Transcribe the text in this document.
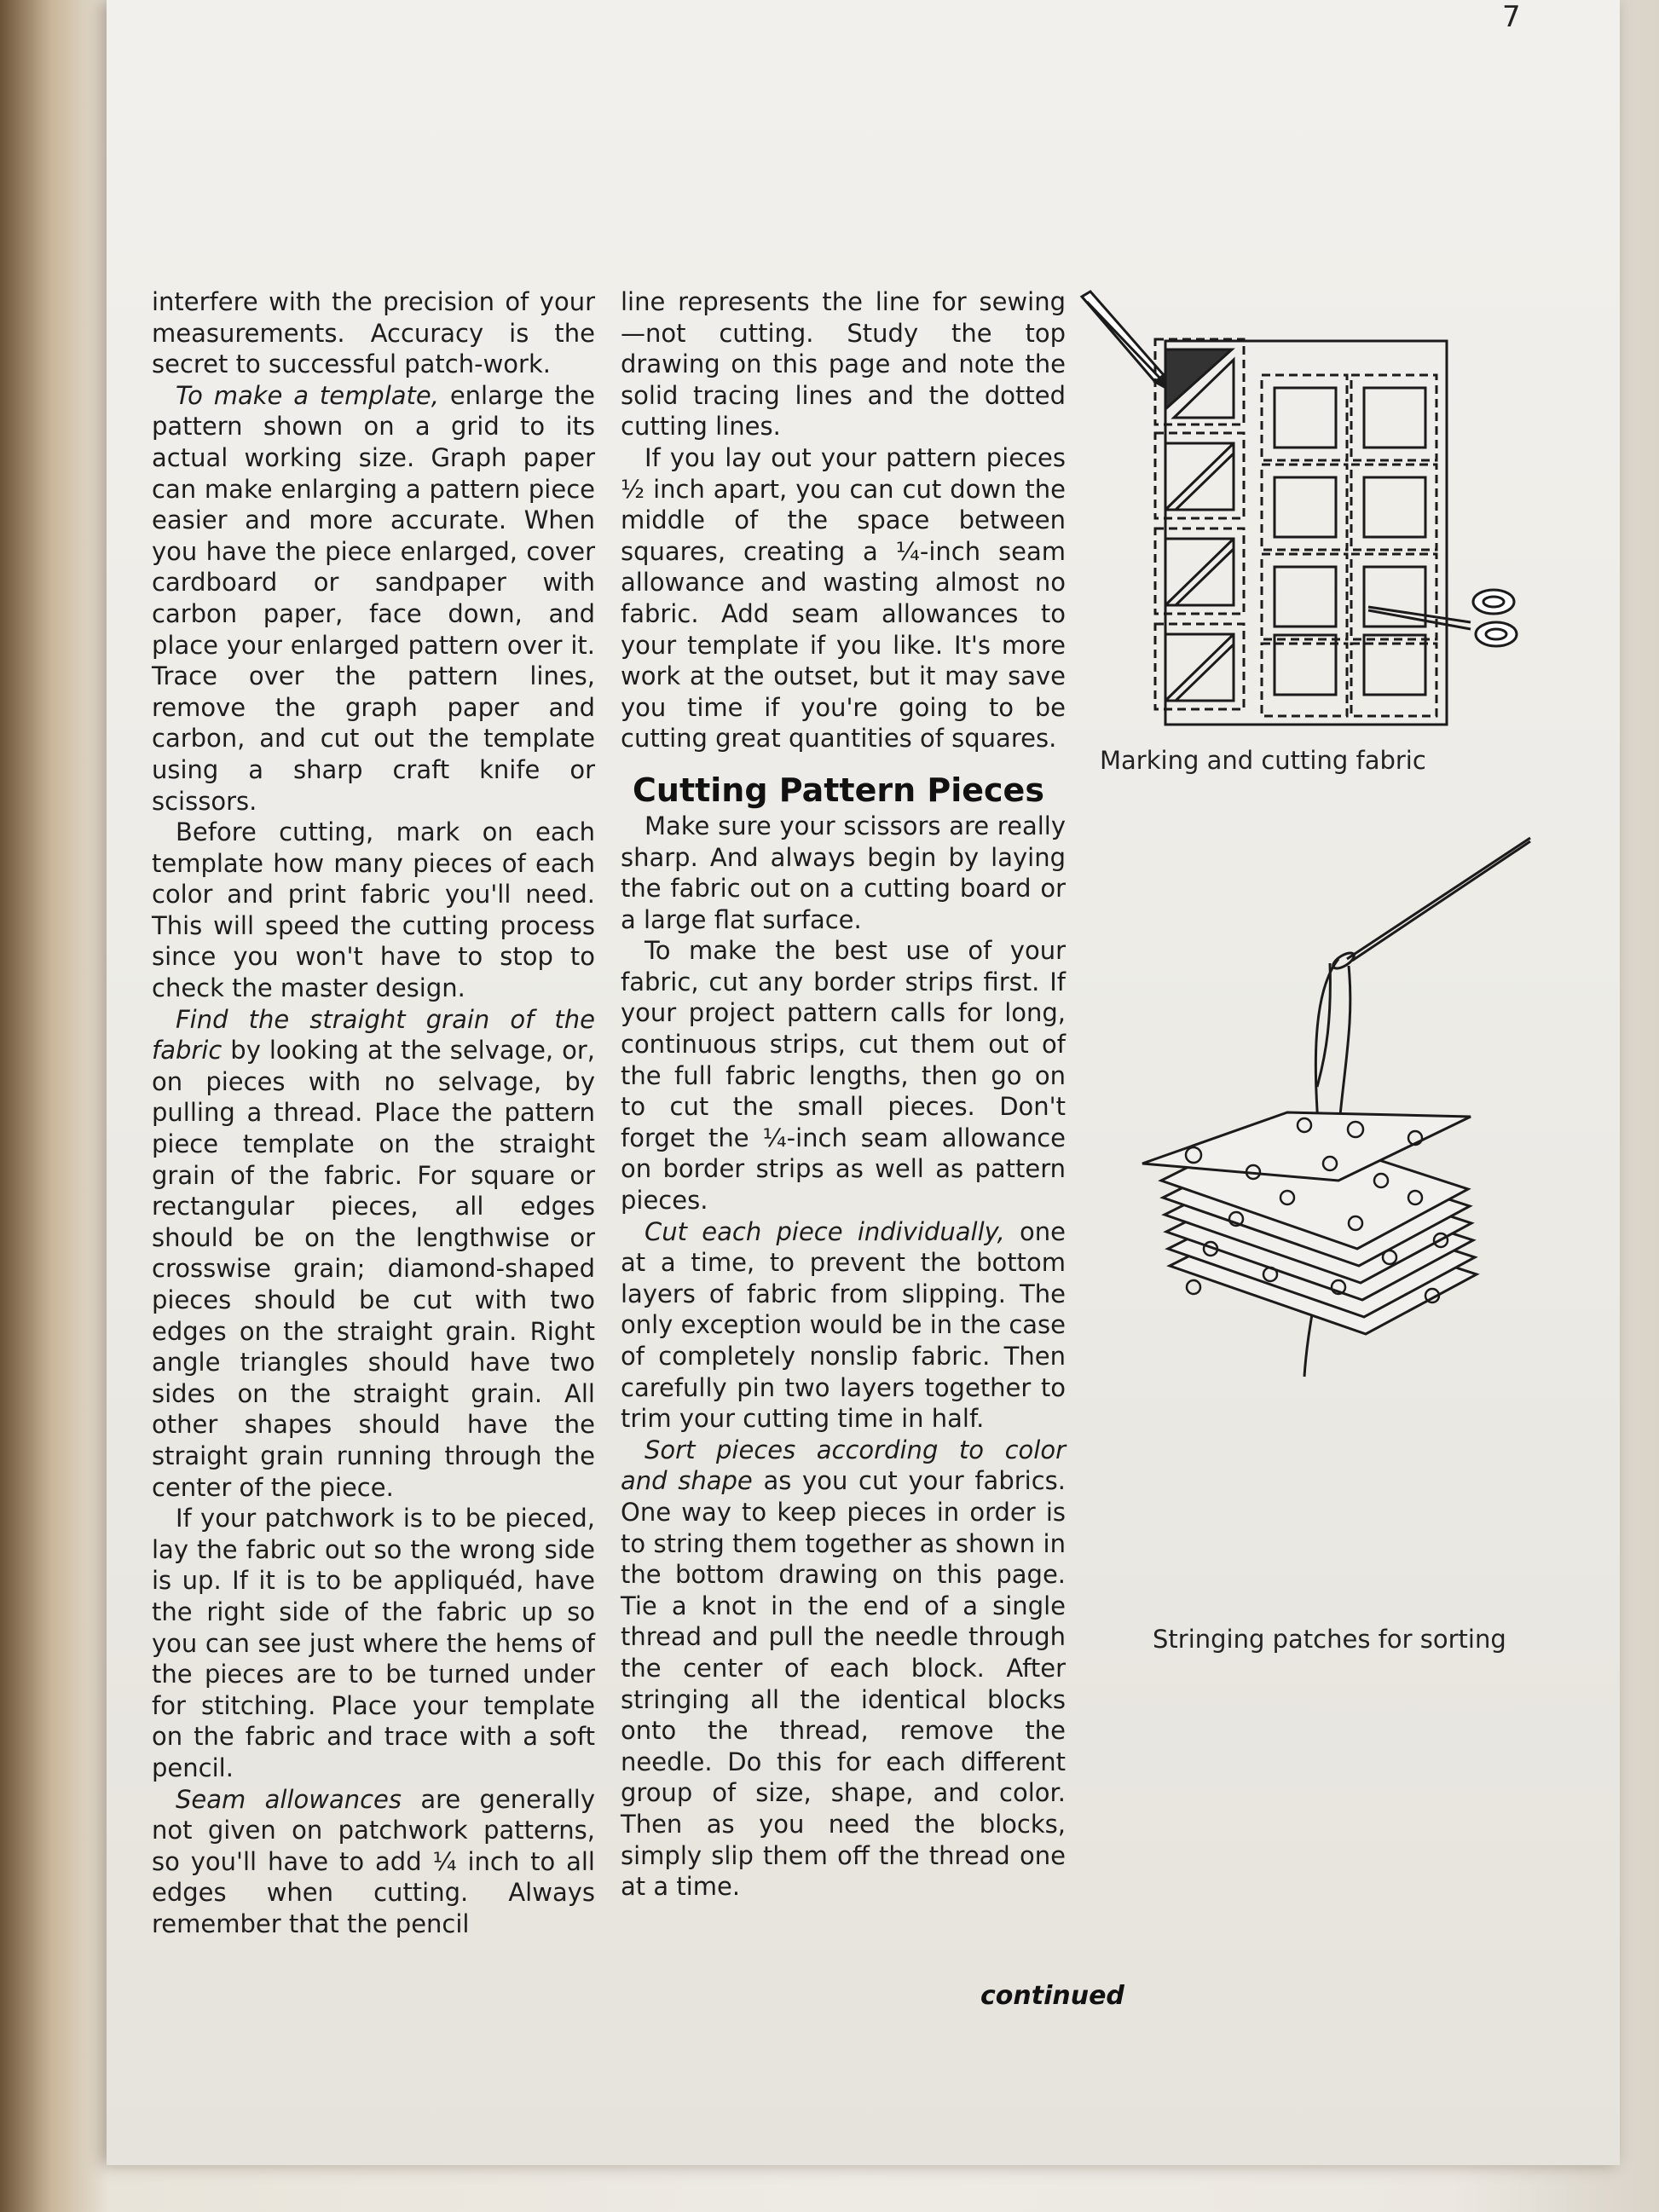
7

interfere with the precision of your measurements. Accuracy is the secret to successful patch-work.

To make a template, enlarge the pattern shown on a grid to its actual working size. Graph paper can make enlarging a pattern piece easier and more accurate. When you have the piece enlarged, cover cardboard or sandpaper with carbon paper, face down, and place your enlarged pattern over it. Trace over the pattern lines, remove the graph paper and carbon, and cut out the template using a sharp craft knife or scissors.

Before cutting, mark on each template how many pieces of each color and print fabric you'll need. This will speed the cutting process since you won't have to stop to check the master design.

Find the straight grain of the fabric by looking at the selvage, or, on pieces with no selvage, by pulling a thread. Place the pattern piece template on the straight grain of the fabric. For square or rectangular pieces, all edges should be on the lengthwise or crosswise grain; diamond-shaped pieces should be cut with two edges on the straight grain. Right angle triangles should have two sides on the straight grain. All other shapes should have the straight grain running through the center of the piece.

If your patchwork is to be pieced, lay the fabric out so the wrong side is up. If it is to be appliquéd, have the right side of the fabric up so you can see just where the hems of the pieces are to be turned under for stitching. Place your template on the fabric and trace with a soft pencil.

Seam allowances are generally not given on patchwork patterns, so you'll have to add ¼ inch to all edges when cutting. Always remember that the pencil

line represents the line for sewing—not cutting. Study the top drawing on this page and note the solid tracing lines and the dotted cutting lines.

If you lay out your pattern pieces ½ inch apart, you can cut down the middle of the space between squares, creating a ¼-inch seam allowance and wasting almost no fabric. Add seam allowances to your template if you like. It's more work at the outset, but it may save you time if you're going to be cutting great quantities of squares.

Cutting Pattern Pieces

Make sure your scissors are really sharp. And always begin by laying the fabric out on a cutting board or a large flat surface.

To make the best use of your fabric, cut any border strips first. If your project pattern calls for long, continuous strips, cut them out of the full fabric lengths, then go on to cut the small pieces. Don't forget the ¼-inch seam allowance on border strips as well as pattern pieces.

Cut each piece individually, one at a time, to prevent the bottom layers of fabric from slipping. The only exception would be in the case of completely nonslip fabric. Then carefully pin two layers together to trim your cutting time in half.

Sort pieces according to color and shape as you cut your fabrics. One way to keep pieces in order is to string them together as shown in the bottom drawing on this page. Tie a knot in the end of a single thread and pull the needle through the center of each block. After stringing all the identical blocks onto the thread, remove the needle. Do this for each different group of size, shape, and color. Then as you need the blocks, simply slip them off the thread one at a time.

continued
Marking and cutting fabric
Stringing patches for sorting
